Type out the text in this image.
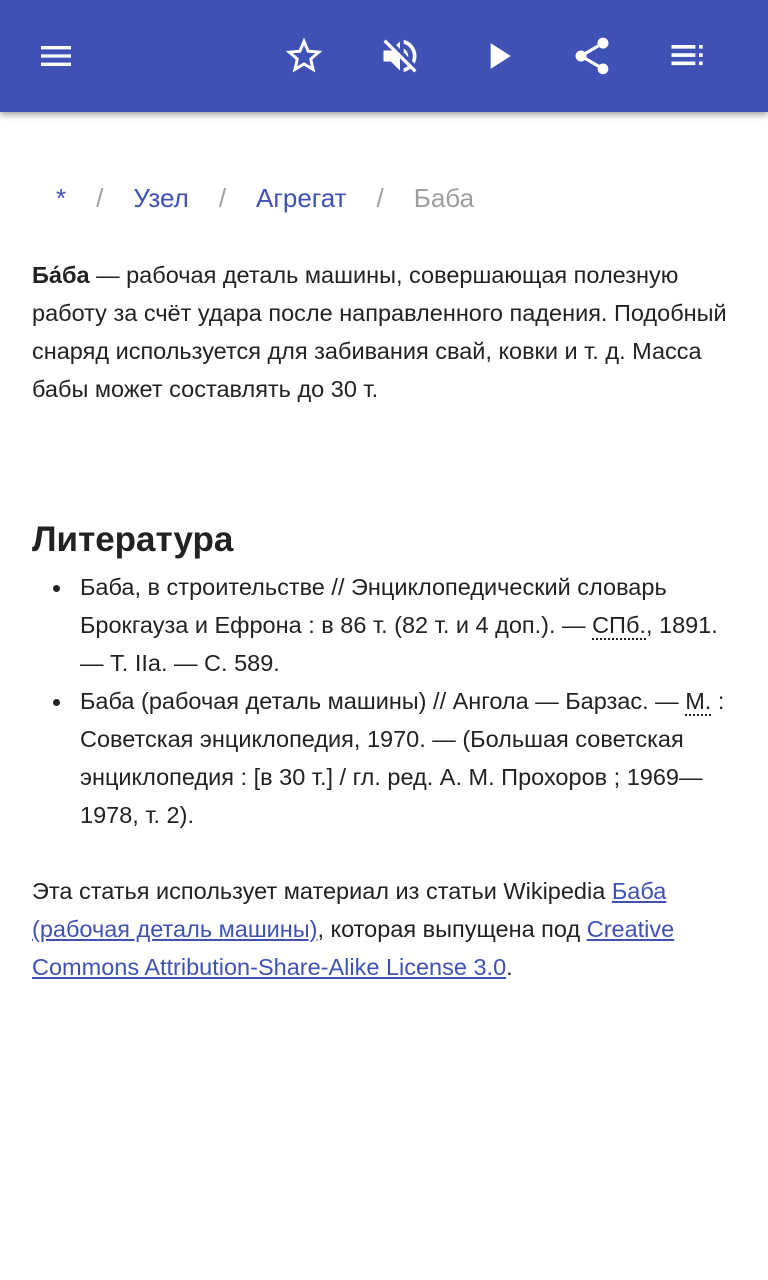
* / Узел / Агрегат / Баба

Ба́ба — рабочая деталь машины, совершающая полезную работу за счёт удара после направленного падения. Подобный снаряд используется для забивания свай, ковки и т. д. Масса бабы может составлять до 30 т.

Литература
Баба, в строительстве // Энциклопедический словарь Брокгауза и Ефрона : в 86 т. (82 т. и 4 доп.). — СПб., 1891. — Т. IIa. — С. 589.
Баба (рабочая деталь машины) // Ангола — Барзас. — М. : Советская энциклопедия, 1970. — (Большая советская энциклопедия : [в 30 т.] / гл. ред. А. М. Прохоров ; 1969—1978, т. 2).

Эта статья использует материал из статьи Wikipedia Баба (рабочая деталь машины), которая выпущена под Creative Commons Attribution-Share-Alike License 3.0.
